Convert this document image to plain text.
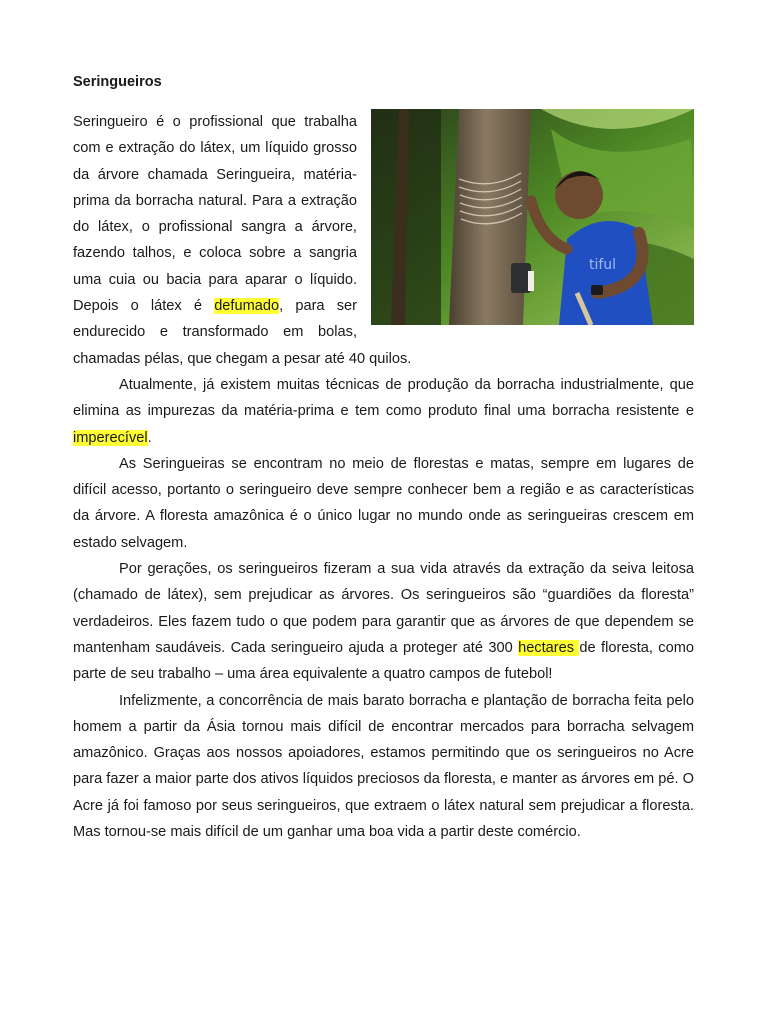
Seringueiros
tiful

Seringueiro é o profissional que trabalha com e extração do látex, um líquido grosso da árvore chamada Seringueira, matéria-prima da borracha natural. Para a extração do látex, o profissional sangra a árvore, fazendo talhos, e coloca sobre a sangria uma cuia ou bacia para aparar o líquido. Depois o látex é defumado, para ser endurecido e transformado em bolas, chamadas pélas, que chegam a pesar até 40 quilos.

Atualmente, já existem muitas técnicas de produção da borracha industrialmente, que elimina as impurezas da matéria-prima e tem como produto final uma borracha resistente e imperecível.

As Seringueiras se encontram no meio de florestas e matas, sempre em lugares de difícil acesso, portanto o seringueiro deve sempre conhecer bem a região e as características da árvore. A floresta amazônica é o único lugar no mundo onde as seringueiras crescem em estado selvagem.

Por gerações, os seringueiros fizeram a sua vida através da extração da seiva leitosa (chamado de látex), sem prejudicar as árvores. Os seringueiros são “guardiões da floresta” verdadeiros. Eles fazem tudo o que podem para garantir que as árvores de que dependem se mantenham saudáveis. Cada seringueiro ajuda a proteger até 300 hectares de floresta, como parte de seu trabalho – uma área equivalente a quatro campos de futebol!

Infelizmente, a concorrência de mais barato borracha e plantação de borracha feita pelo homem a partir da Ásia tornou mais difícil de encontrar mercados para borracha selvagem amazônico. Graças aos nossos apoiadores, estamos permitindo que os seringueiros no Acre para fazer a maior parte dos ativos líquidos preciosos da floresta, e manter as árvores em pé. O Acre já foi famoso por seus seringueiros, que extraem o látex natural sem prejudicar a floresta. Mas tornou-se mais difícil de um ganhar uma boa vida a partir deste comércio.
